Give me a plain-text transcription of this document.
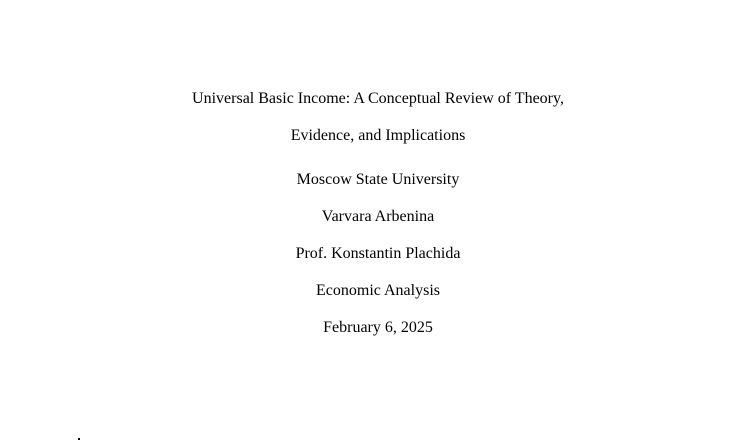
Universal Basic Income: A Conceptual Review of Theory,
Evidence, and Implications
Moscow State University
Varvara Arbenina
Prof. Konstantin Plachida
Economic Analysis
February 6, 2025
